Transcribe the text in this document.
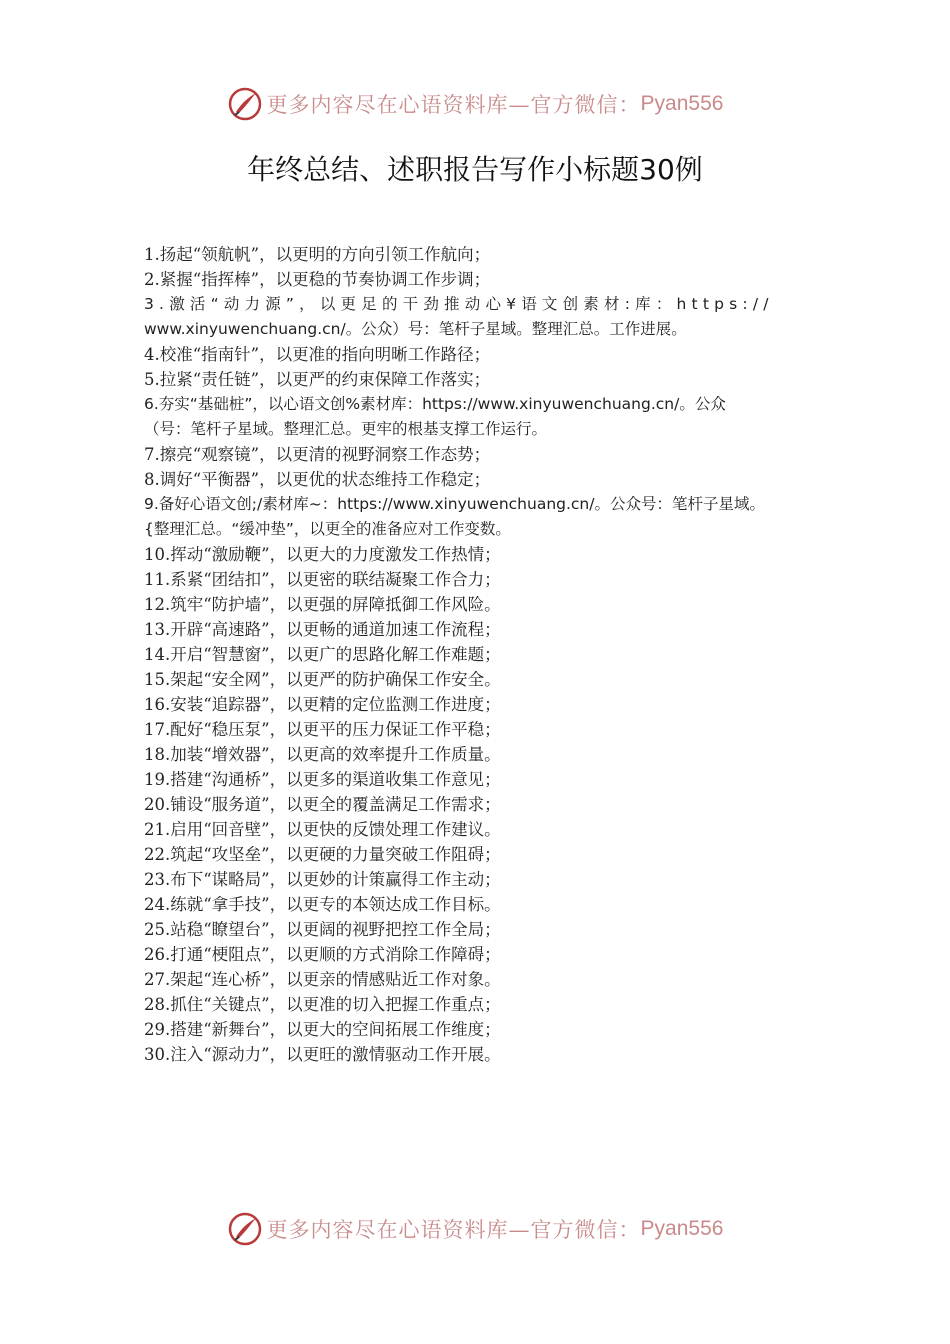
更多内容尽在心语资料库—官方微信： Pyan556
年终总结、述职报告写作小标题30例
1.扬起“领航帆”，以更明的方向引领工作航向；
2.紧握“指挥棒”，以更稳的节奏协调工作步调；
3.激活“动力源”，以更足的干劲推动心¥语文创素材:库：https://
www.xinyuwenchuang.cn/。公众）号：笔杆子星域。整理汇总。工作进展。
4.校准“指南针”，以更准的指向明晰工作路径；
5.拉紧“责任链”，以更严的约束保障工作落实；
6.夯实“基础桩”，以心语文创%素材库：https://www.xinyuwenchuang.cn/。公众
（号：笔杆子星域。整理汇总。更牢的根基支撑工作运行。
7.擦亮“观察镜”，以更清的视野洞察工作态势；
8.调好“平衡器”，以更优的状态维持工作稳定；
9.备好心语文创;/素材库~：https://www.xinyuwenchuang.cn/。公众号：笔杆子星域。
{整理汇总。“缓冲垫”，以更全的准备应对工作变数。
10.挥动“激励鞭”，以更大的力度激发工作热情；
11.系紧“团结扣”，以更密的联结凝聚工作合力；
12.筑牢“防护墙”，以更强的屏障抵御工作风险。
13.开辟“高速路”，以更畅的通道加速工作流程；
14.开启“智慧窗”，以更广的思路化解工作难题；
15.架起“安全网”，以更严的防护确保工作安全。
16.安装“追踪器”，以更精的定位监测工作进度；
17.配好“稳压泵”，以更平的压力保证工作平稳；
18.加装“增效器”，以更高的效率提升工作质量。
19.搭建“沟通桥”，以更多的渠道收集工作意见；
20.铺设“服务道”，以更全的覆盖满足工作需求；
21.启用“回音壁”，以更快的反馈处理工作建议。
22.筑起“攻坚垒”，以更硬的力量突破工作阻碍；
23.布下“谋略局”，以更妙的计策赢得工作主动；
24.练就“拿手技”，以更专的本领达成工作目标。
25.站稳“瞭望台”，以更阔的视野把控工作全局；
26.打通“梗阻点”，以更顺的方式消除工作障碍；
27.架起“连心桥”，以更亲的情感贴近工作对象。
28.抓住“关键点”，以更准的切入把握工作重点；
29.搭建“新舞台”，以更大的空间拓展工作维度；
30.注入“源动力”，以更旺的激情驱动工作开展。
更多内容尽在心语资料库—官方微信： Pyan556
